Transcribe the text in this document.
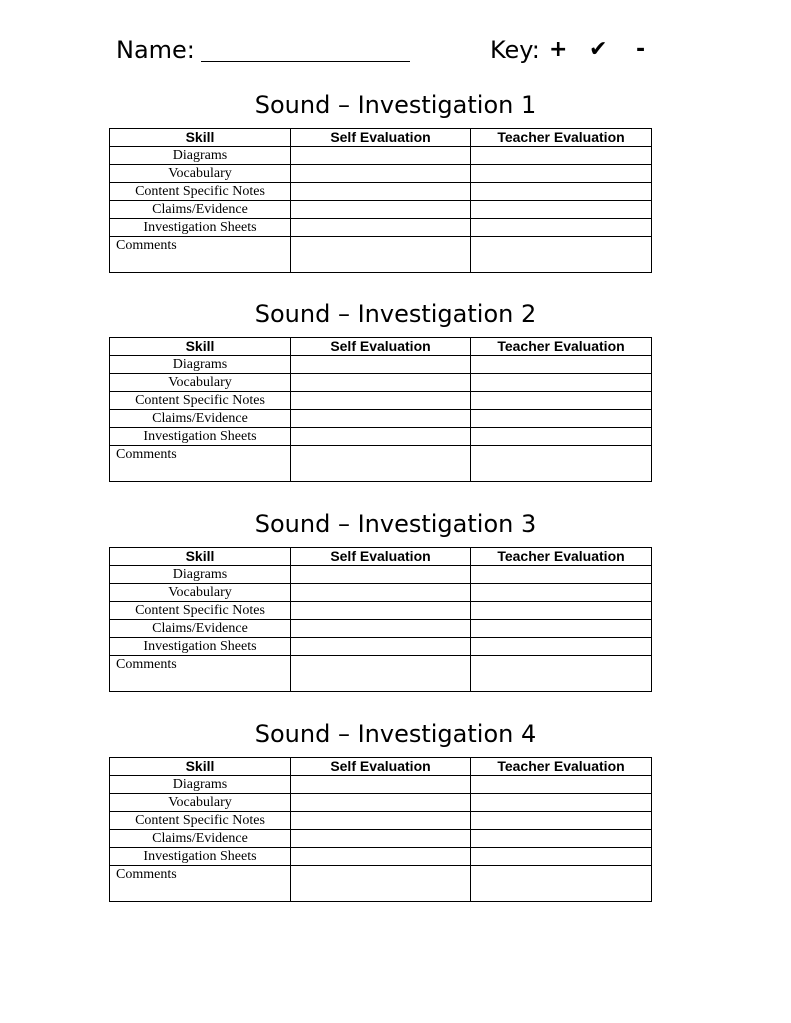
Name:	Key: + ✔ -
Sound – Investigation 1
Skill	Self Evaluation	Teacher Evaluation
Diagrams		
Vocabulary		
Content Specific Notes		
Claims/Evidence		
Investigation Sheets		
Comments		
Sound – Investigation 2
Skill	Self Evaluation	Teacher Evaluation
Diagrams		
Vocabulary		
Content Specific Notes		
Claims/Evidence		
Investigation Sheets		
Comments		
Sound – Investigation 3
Skill	Self Evaluation	Teacher Evaluation
Diagrams		
Vocabulary		
Content Specific Notes		
Claims/Evidence		
Investigation Sheets		
Comments		
Sound – Investigation 4
Skill	Self Evaluation	Teacher Evaluation
Diagrams		
Vocabulary		
Content Specific Notes		
Claims/Evidence		
Investigation Sheets		
Comments		
